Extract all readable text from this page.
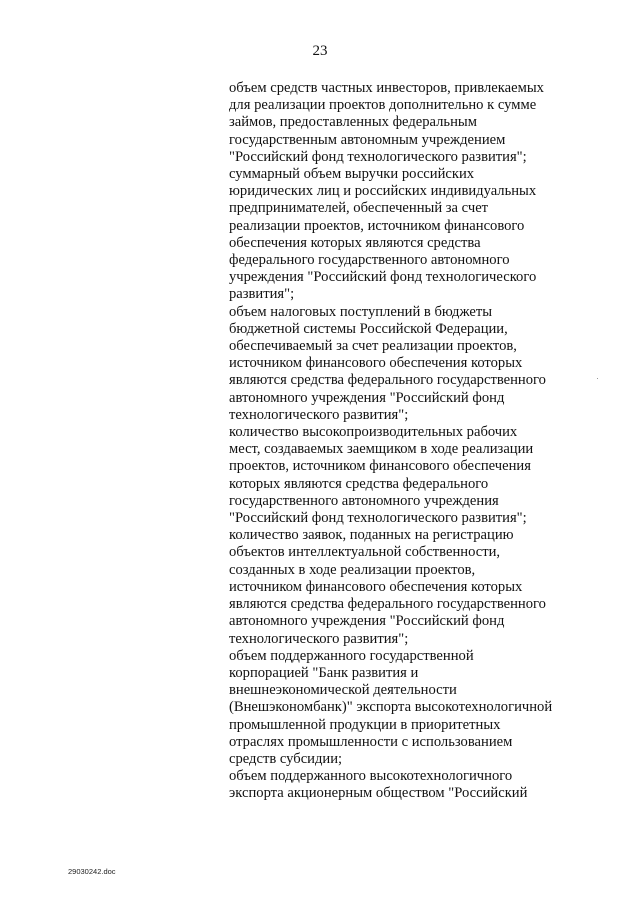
23
объем средств частных инвесторов, привлекаемых
для реализации проектов дополнительно к сумме
займов, предоставленных федеральным
государственным автономным учреждением
"Российский фонд технологического развития";
суммарный объем выручки российских
юридических лиц и российских индивидуальных
предпринимателей, обеспеченный за счет
реализации проектов, источником финансового
обеспечения которых являются средства
федерального государственного автономного
учреждения "Российский фонд технологического
развития";
объем налоговых поступлений в бюджеты
бюджетной системы Российской Федерации,
обеспечиваемый за счет реализации проектов,
источником финансового обеспечения которых
являются средства федерального государственного
автономного учреждения "Российский фонд
технологического развития";
количество высокопроизводительных рабочих
мест, создаваемых заемщиком в ходе реализации
проектов, источником финансового обеспечения
которых являются средства федерального
государственного автономного учреждения
"Российский фонд технологического развития";
количество заявок, поданных на регистрацию
объектов интеллектуальной собственности,
созданных в ходе реализации проектов,
источником финансового обеспечения которых
являются средства федерального государственного
автономного учреждения "Российский фонд
технологического развития";
объем поддержанного государственной
корпорацией "Банк развития и
внешнеэкономической деятельности
(Внешэкономбанк)" экспорта высокотехнологичной
промышленной продукции в приоритетных
отраслях промышленности с использованием
средств субсидии;
объем поддержанного высокотехнологичного
экспорта акционерным обществом "Российский
29030242.doc
